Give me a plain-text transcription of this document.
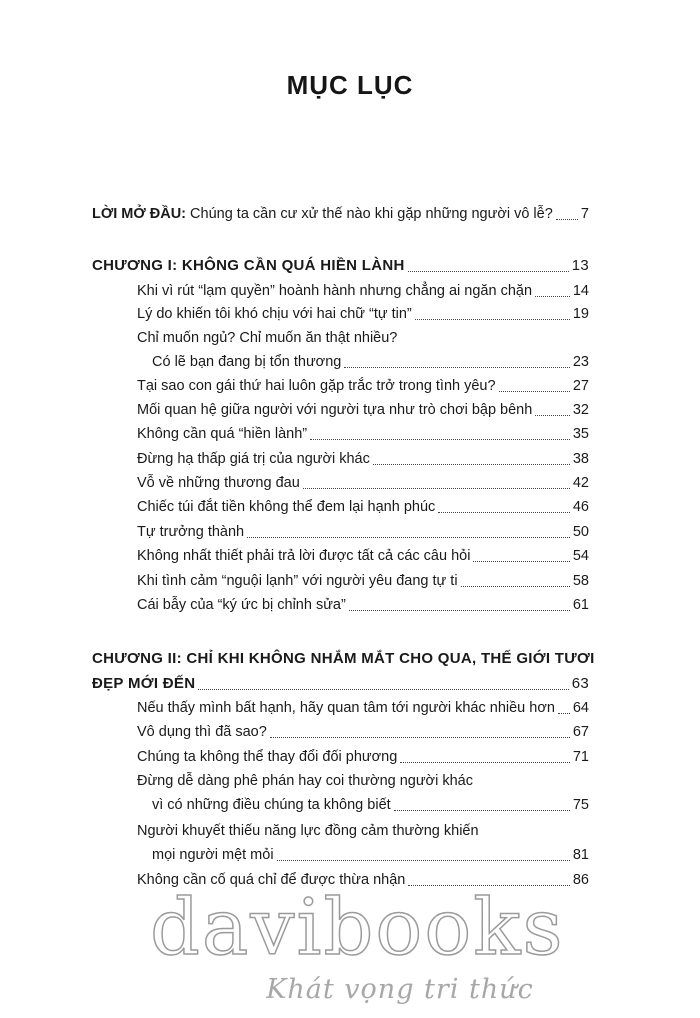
MỤC LỤC
LỜI MỞ ĐẦU: Chúng ta cần cư xử thế nào khi gặp những người vô lễ? 7
CHƯƠNG I: KHÔNG CẦN QUÁ HIỀN LÀNH	13
Khi vì rút “lạm quyền” hoành hành nhưng chẳng ai ngăn chặn	14
Lý do khiến tôi khó chịu với hai chữ “tự tin”	19
Chỉ muốn ngủ? Chỉ muốn ăn thật nhiều?
Có lẽ bạn đang bị tổn thương	23
Tại sao con gái thứ hai luôn gặp trắc trở trong tình yêu?	27
Mối quan hệ giữa người với người tựa như trò chơi bập bênh	32
Không cần quá “hiền lành”	35
Đừng hạ thấp giá trị của người khác	38
Vỗ về những thương đau	42
Chiếc túi đắt tiền không thể đem lại hạnh phúc	46
Tự trưởng thành	50
Không nhất thiết phải trả lời được tất cả các câu hỏi	54
Khi tình cảm “nguội lạnh” với người yêu đang tự ti	58
Cái bẫy của “ký ức bị chỉnh sửa”	61
CHƯƠNG II: CHỈ KHI KHÔNG NHẮM MẮT CHO QUA, THẾ GIỚI TƯƠI
ĐẸP MỚI ĐẾN	63
Nếu thấy mình bất hạnh, hãy quan tâm tới người khác nhiều hơn 64
Vô dụng thì đã sao?	67
Chúng ta không thể thay đổi đối phương	71
Đừng dễ dàng phê phán hay coi thường người khác
vì có những điều chúng ta không biết	75
Người khuyết thiếu năng lực đồng cảm thường khiến
mọi người mệt mỏi	81
Không cần cố quá chỉ để được thừa nhận	86
davibooks
Khát vọng tri thức
